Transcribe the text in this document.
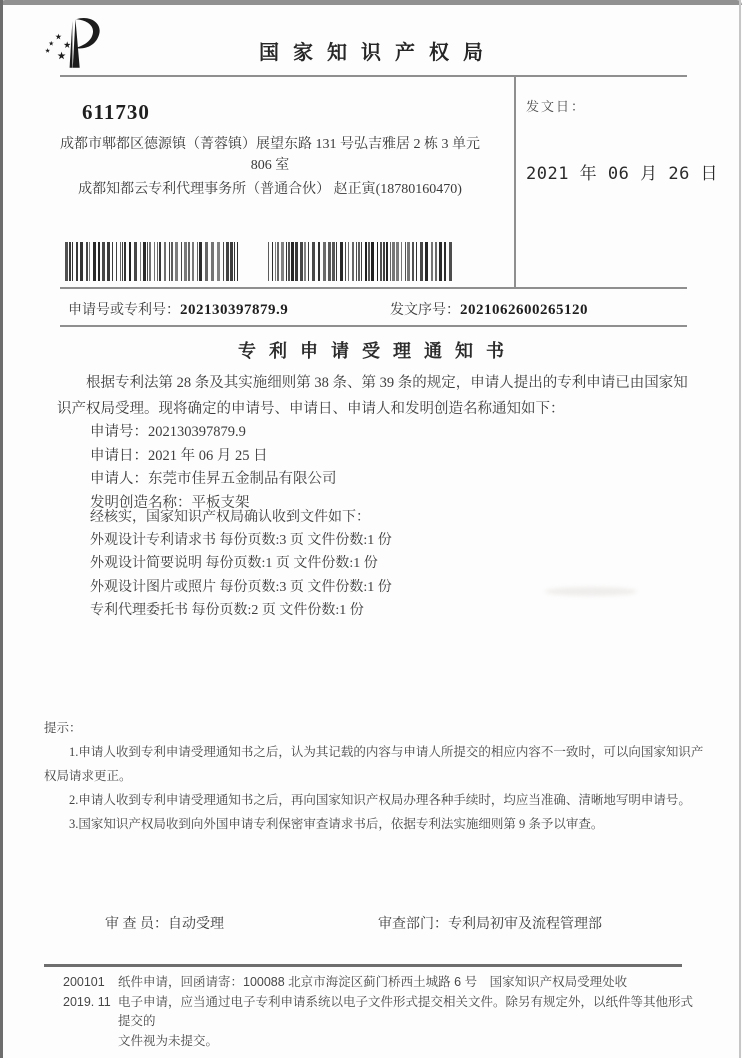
国家知识产权局
611730
成都市郫都区德源镇（菁蓉镇）展望东路 131 号弘吉雅居 2 栋 3 单元
806 室
成都知都云专利代理事务所（普通合伙） 赵正寅(18780160470)
发文日：
2021 年 06 月 26 日
申请号或专利号：202130397879.9	发文序号：2021062600265120
专利申请受理通知书

根据专利法第 28 条及其实施细则第 38 条、第 39 条的规定，申请人提出的专利申请已由国家知识产权局受理。现将确定的申请号、申请日、申请人和发明创造名称通知如下：

申请号：202130397879.9
申请日：2021 年 06 月 25 日
申请人：东莞市佳昇五金制品有限公司
发明创造名称：平板支架
经核实，国家知识产权局确认收到文件如下：
外观设计专利请求书 每份页数:3 页 文件份数:1 份
外观设计简要说明 每份页数:1 页 文件份数:1 份
外观设计图片或照片 每份页数:3 页 文件份数:1 份
专利代理委托书 每份页数:2 页 文件份数:1 份

提示：

1.申请人收到专利申请受理通知书之后，认为其记载的内容与申请人所提交的相应内容不一致时，可以向国家知识产权局请求更正。

2.申请人收到专利申请受理通知书之后，再向国家知识产权局办理各种手续时，均应当准确、清晰地写明申请号。

3.国家知识产权局收到向外国申请专利保密审查请求书后，依据专利法实施细则第 9 条予以审查。

审 查 员：自动受理	审查部门：专利局初审及流程管理部
200101
2019. 11
纸件申请，回函请寄：100088 北京市海淀区蓟门桥西土城路 6 号　国家知识产权局受理处收
电子申请，应当通过电子专利申请系统以电子文件形式提交相关文件。除另有规定外，以纸件等其他形式提交的
文件视为未提交。
